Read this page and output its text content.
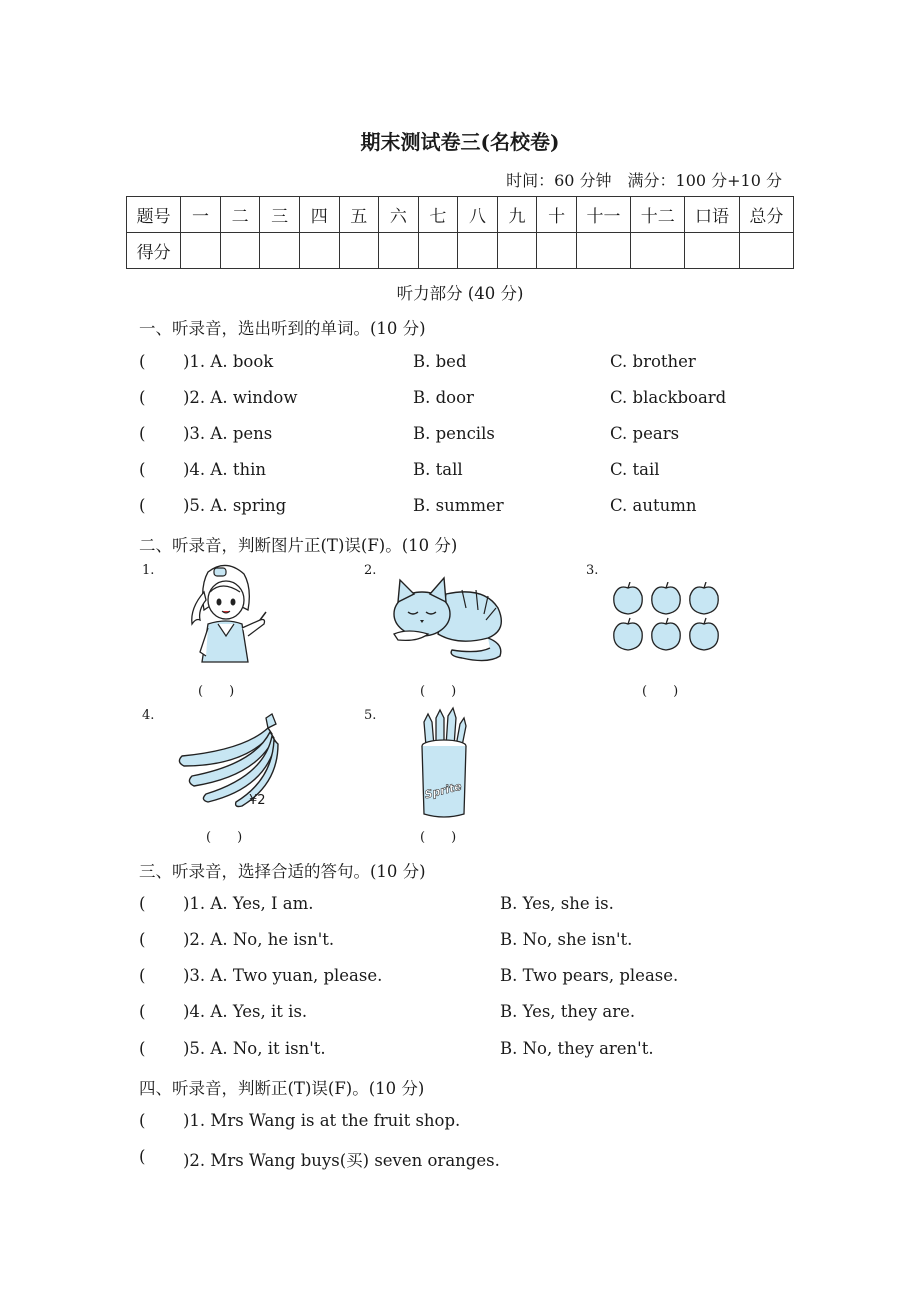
期末测试卷三(名校卷)
时间：60 分钟　满分：100 分+10 分
题号	一	二	三	四	五	六	七	八	九	十	十一	十二	口语	总分
得分														
听力部分 (40 分)
一、听录音，选出听到的单词。(10 分)
( )1. A. book	B. bed	C. brother
( )2. A. window	B. door	C. blackboard
( )3. A. pens	B. pencils	C. pears
( )4. A. thin	B. tall	C. tail
( )5. A. spring	B. summer	C. autumn
二、听录音，判断图片正(T)误(F)。(10 分)
1.
(　　)
2.
(　　)
3.
(　　)
4.
¥2
(　　)
5.
Sprite
(　　)
三、听录音，选择合适的答句。(10 分)
( )1. A. Yes, I am.	B. Yes, she is.
( )2. A. No, he isn't.	B. No, she isn't.
( )3. A. Two yuan, please.	B. Two pears, please.
( )4. A. Yes, it is.	B. Yes, they are.
( )5. A. No, it isn't.	B. No, they aren't.
四、听录音，判断正(T)误(F)。(10 分)
( )1. Mrs Wang is at the fruit shop.
( )2. Mrs Wang buys(买) seven oranges.
